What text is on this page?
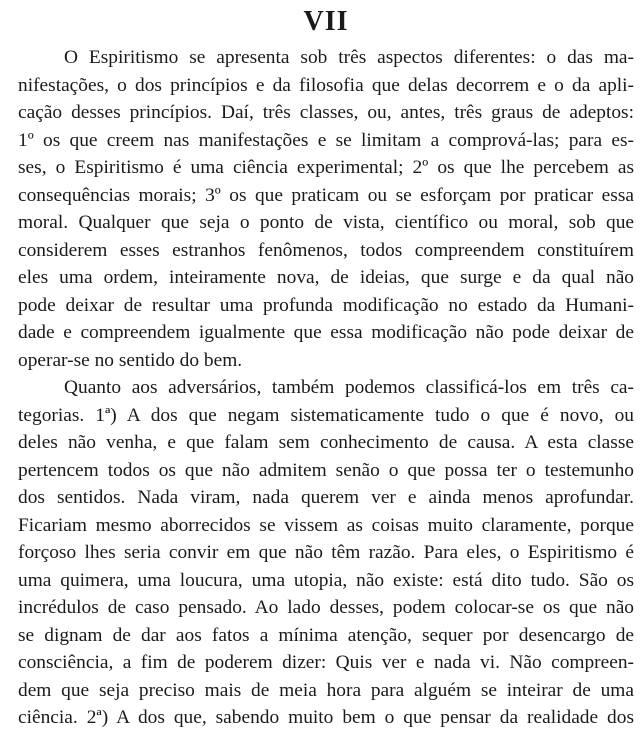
VII
O Espiritismo se apresenta sob três aspectos diferentes: o das ma-
nifestações, o dos princípios e da filosofia que delas decorrem e o da apli-
cação desses princípios. Daí, três classes, ou, antes, três graus de adeptos:
1º os que creem nas manifestações e se limitam a comprová-las; para es-
ses, o Espiritismo é uma ciência experimental; 2º os que lhe percebem as
consequências morais; 3º os que praticam ou se esforçam por praticar essa
moral. Qualquer que seja o ponto de vista, científico ou moral, sob que
considerem esses estranhos fenômenos, todos compreendem constituírem
eles uma ordem, inteiramente nova, de ideias, que surge e da qual não
pode deixar de resultar uma profunda modificação no estado da Humani-
dade e compreendem igualmente que essa modificação não pode deixar de
operar-se no sentido do bem.
Quanto aos adversários, também podemos classificá-los em três ca-
tegorias. 1ª) A dos que negam sistematicamente tudo o que é novo, ou
deles não venha, e que falam sem conhecimento de causa. A esta classe
pertencem todos os que não admitem senão o que possa ter o testemunho
dos sentidos. Nada viram, nada querem ver e ainda menos aprofundar.
Ficariam mesmo aborrecidos se vissem as coisas muito claramente, porque
forçoso lhes seria convir em que não têm razão. Para eles, o Espiritismo é
uma quimera, uma loucura, uma utopia, não existe: está dito tudo. São os
incrédulos de caso pensado. Ao lado desses, podem colocar-se os que não
se dignam de dar aos fatos a mínima atenção, sequer por desencargo de
consciência, a fim de poderem dizer: Quis ver e nada vi. Não compreen-
dem que seja preciso mais de meia hora para alguém se inteirar de uma
ciência. 2ª) A dos que, sabendo muito bem o que pensar da realidade dos
